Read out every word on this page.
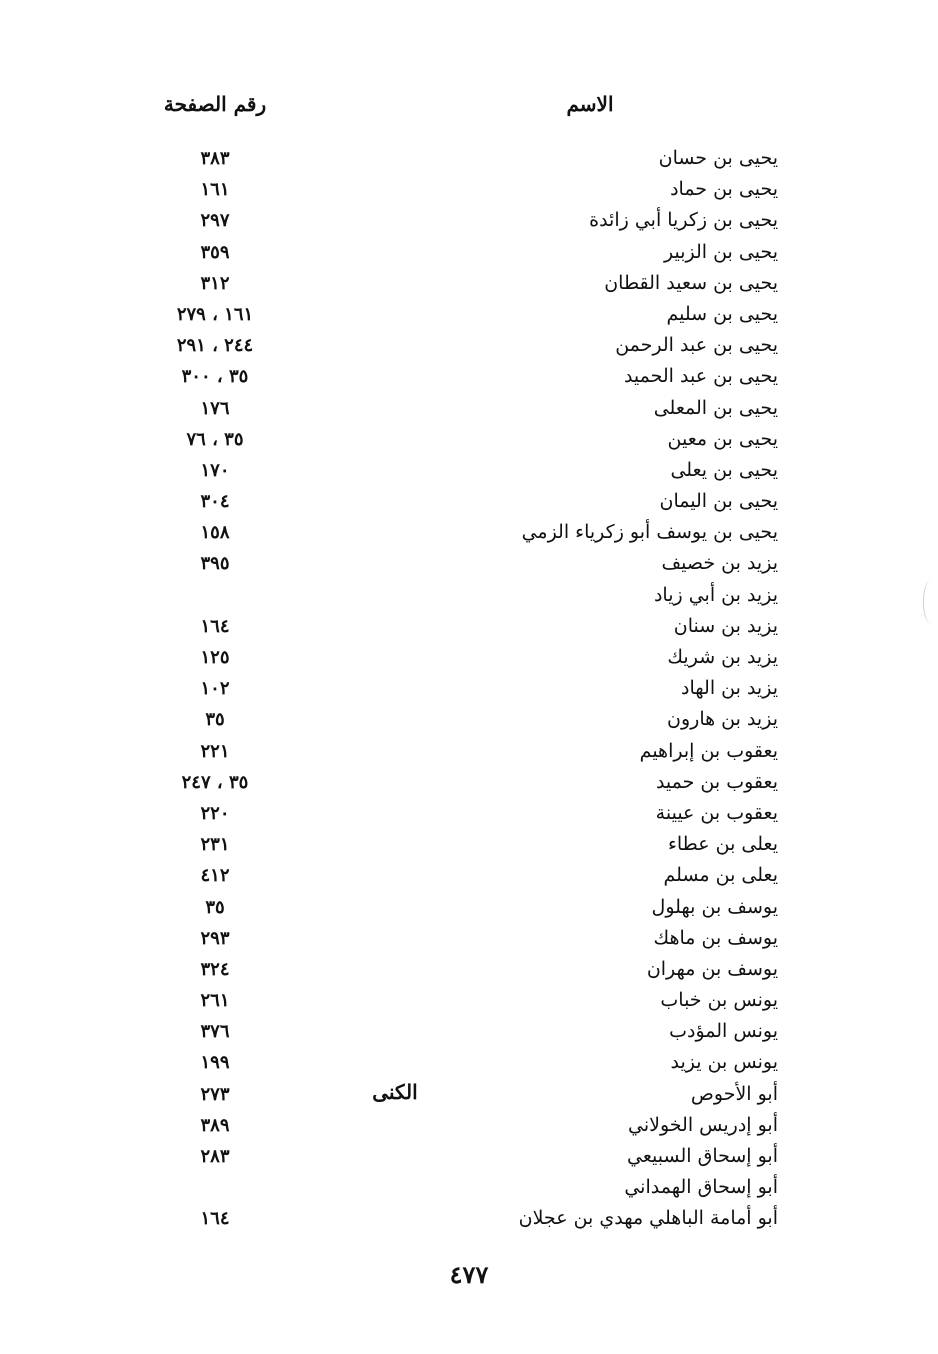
الاسم
رقم الصفحة
يحيى بن حسان
٣٨٣
يحيى بن حماد
١٦١
يحيى بن زكريا أبي زائدة
٢٩٧
يحيى بن الزبير
٣٥٩
يحيى بن سعيد القطان
٣١٢
يحيى بن سليم
١٦١ ، ٢٧٩
يحيى بن عبد الرحمن
٢٤٤ ، ٢٩١
يحيى بن عبد الحميد
٣٥ ، ٣٠٠
يحيى بن المعلى
١٧٦
يحيى بن معين
٣٥ ، ٧٦
يحيى بن يعلى
١٧٠
يحيى بن اليمان
٣٠٤
يحيى بن يوسف أبو زكرياء الزمي
١٥٨
يزيد بن خصيف
٣٩٥
يزيد بن أبي زياد
يزيد بن سنان
١٦٤
يزيد بن شريك
١٢٥
يزيد بن الهاد
١٠٢
يزيد بن هارون
٣٥
يعقوب بن إبراهيم
٢٢١
يعقوب بن حميد
٣٥ ، ٢٤٧
يعقوب بن عيينة
٢٢٠
يعلى بن عطاء
٢٣١
يعلى بن مسلم
٤١٢
يوسف بن بهلول
٣٥
يوسف بن ماهك
٢٩٣
يوسف بن مهران
٣٢٤
يونس بن خباب
٢٦١
يونس المؤدب
٣٧٦
يونس بن يزيد
١٩٩
أبو الأحوص
٢٧٣
أبو إدريس الخولاني
٣٨٩
أبو إسحاق السبيعي
٢٨٣
أبو إسحاق الهمداني
أبو أمامة الباهلي مهدي بن عجلان
١٦٤
الكنى
٤٧٧
